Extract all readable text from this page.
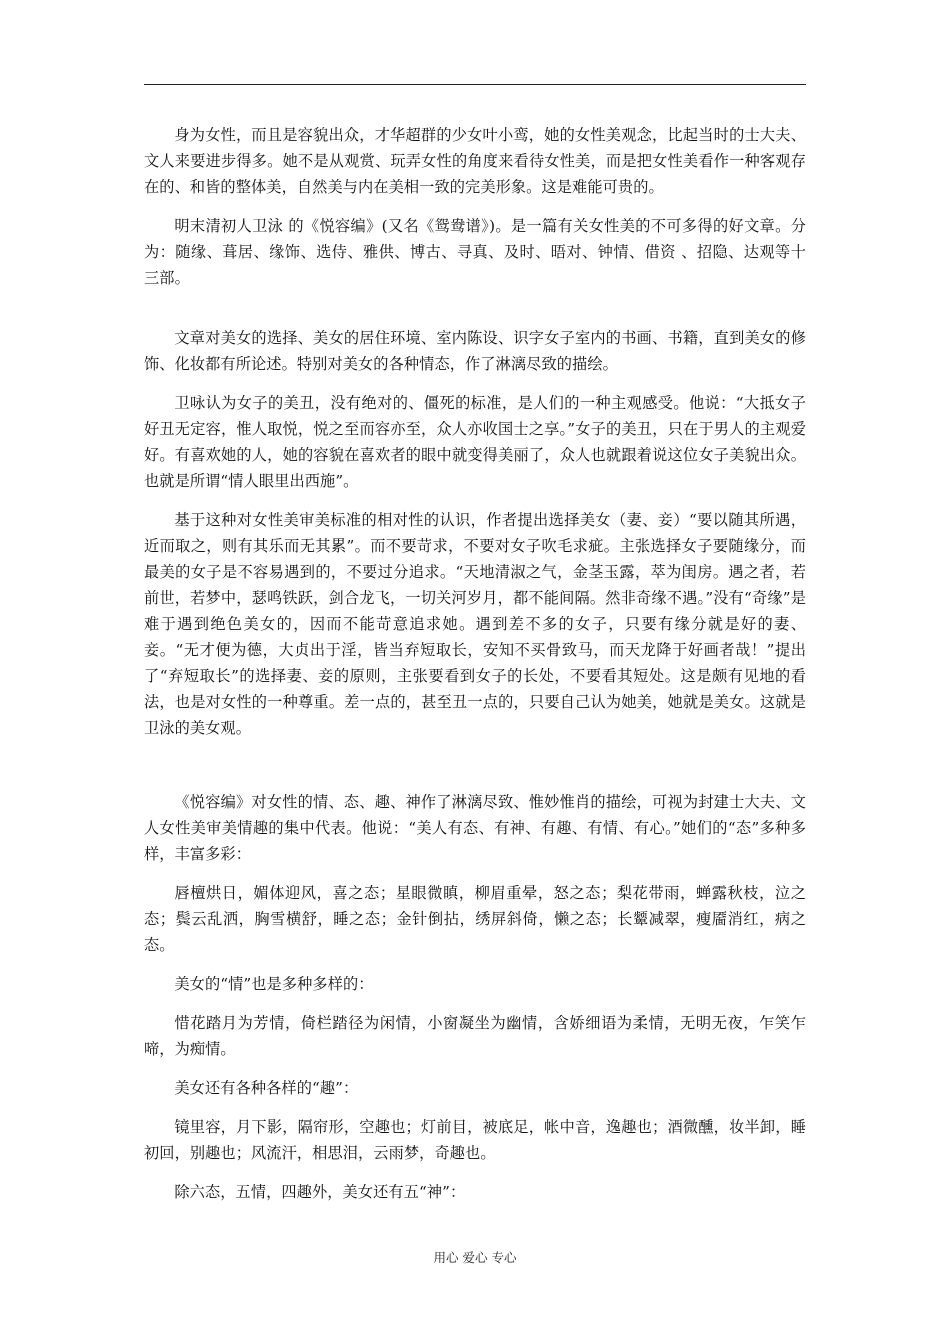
身为女性，而且是容貌出众，才华超群的少女叶小鸾，她的女性美观念，比起当时的士大夫、文人来要进步得多。她不是从观赏、玩弄女性的角度来看待女性美，而是把女性美看作一种客观存在的、和皆的整体美，自然美与内在美相一致的完美形象。这是难能可贵的。

明末清初人卫泳 的《悦容编》(又名《鸳鸯谱》)。是一篇有关女性美的不可多得的好文章。分为：随缘、葺居、缘饰、选侍、雅供、博古、寻真、及时、晤对、钟情、借资 、招隐、达观等十三部。

文章对美女的选择、美女的居住环境、室内陈设、识字女子室内的书画、书籍，直到美女的修饰、化妆都有所论述。特别对美女的各种情态，作了淋漓尽致的描绘。

卫咏认为女子的美丑，没有绝对的、僵死的标准，是人们的一种主观感受。他说：“大抵女子好丑无定容，惟人取悦，悦之至而容亦至，众人亦收国士之享。”女子的美丑，只在于男人的主观爱好。有喜欢她的人，她的容貌在喜欢者的眼中就变得美丽了，众人也就跟着说这位女子美貌出众。也就是所谓“情人眼里出西施”。

基于这种对女性美审美标准的相对性的认识，作者提出选择美女（妻、妾）“要以随其所遇，近而取之，则有其乐而无其累”。而不要苛求，不要对女子吹毛求疵。主张选择女子要随缘分，而最美的女子是不容易遇到的，不要过分追求。“天地清淑之气，金茎玉露，萃为闺房。遇之者，若前世，若梦中，瑟鸣铁跃，剑合龙飞，一切关河岁月，都不能间隔。然非奇缘不遇。”没有“奇缘”是难于遇到绝色美女的，因而不能苛意追求她。遇到差不多的女子，只要有缘分就是好的妻、妾。“无才便为德，大贞出于淫，皆当弃短取长，安知不买骨致马，而天龙降于好画者哉！”提出了“弃短取长”的选择妻、妾的原则，主张要看到女子的长处，不要看其短处。这是颇有见地的看法，也是对女性的一种尊重。差一点的，甚至丑一点的，只要自己认为她美，她就是美女。这就是卫泳的美女观。

《悦容编》对女性的情、态、趣、神作了淋漓尽致、惟妙惟肖的描绘，可视为封建士大夫、文人女性美审美情趣的集中代表。他说：“美人有态、有神、有趣、有情、有心。”她们的“态”多种多样，丰富多彩：

唇檀烘日，媚体迎风，喜之态；星眼微瞋，柳眉重晕，怒之态；梨花带雨，蝉露秋枝，泣之态；鬓云乱洒，胸雪横舒，睡之态；金针倒拈，绣屏斜倚，懒之态；长颦减翠，瘦靥消红，病之态。

美女的“情”也是多种多样的：

惜花踏月为芳情，倚栏踏径为闲情，小窗凝坐为幽情，含娇细语为柔情，无明无夜，乍笑乍啼，为痴情。

美女还有各种各样的“趣”：

镜里容，月下影，隔帘形，空趣也；灯前目，被底足，帐中音，逸趣也；酒微醺，妆半卸，睡初回，别趣也；风流汗，相思泪，云雨梦，奇趣也。

除六态，五情，四趣外，美女还有五“神”：

用心 爱心 专心
